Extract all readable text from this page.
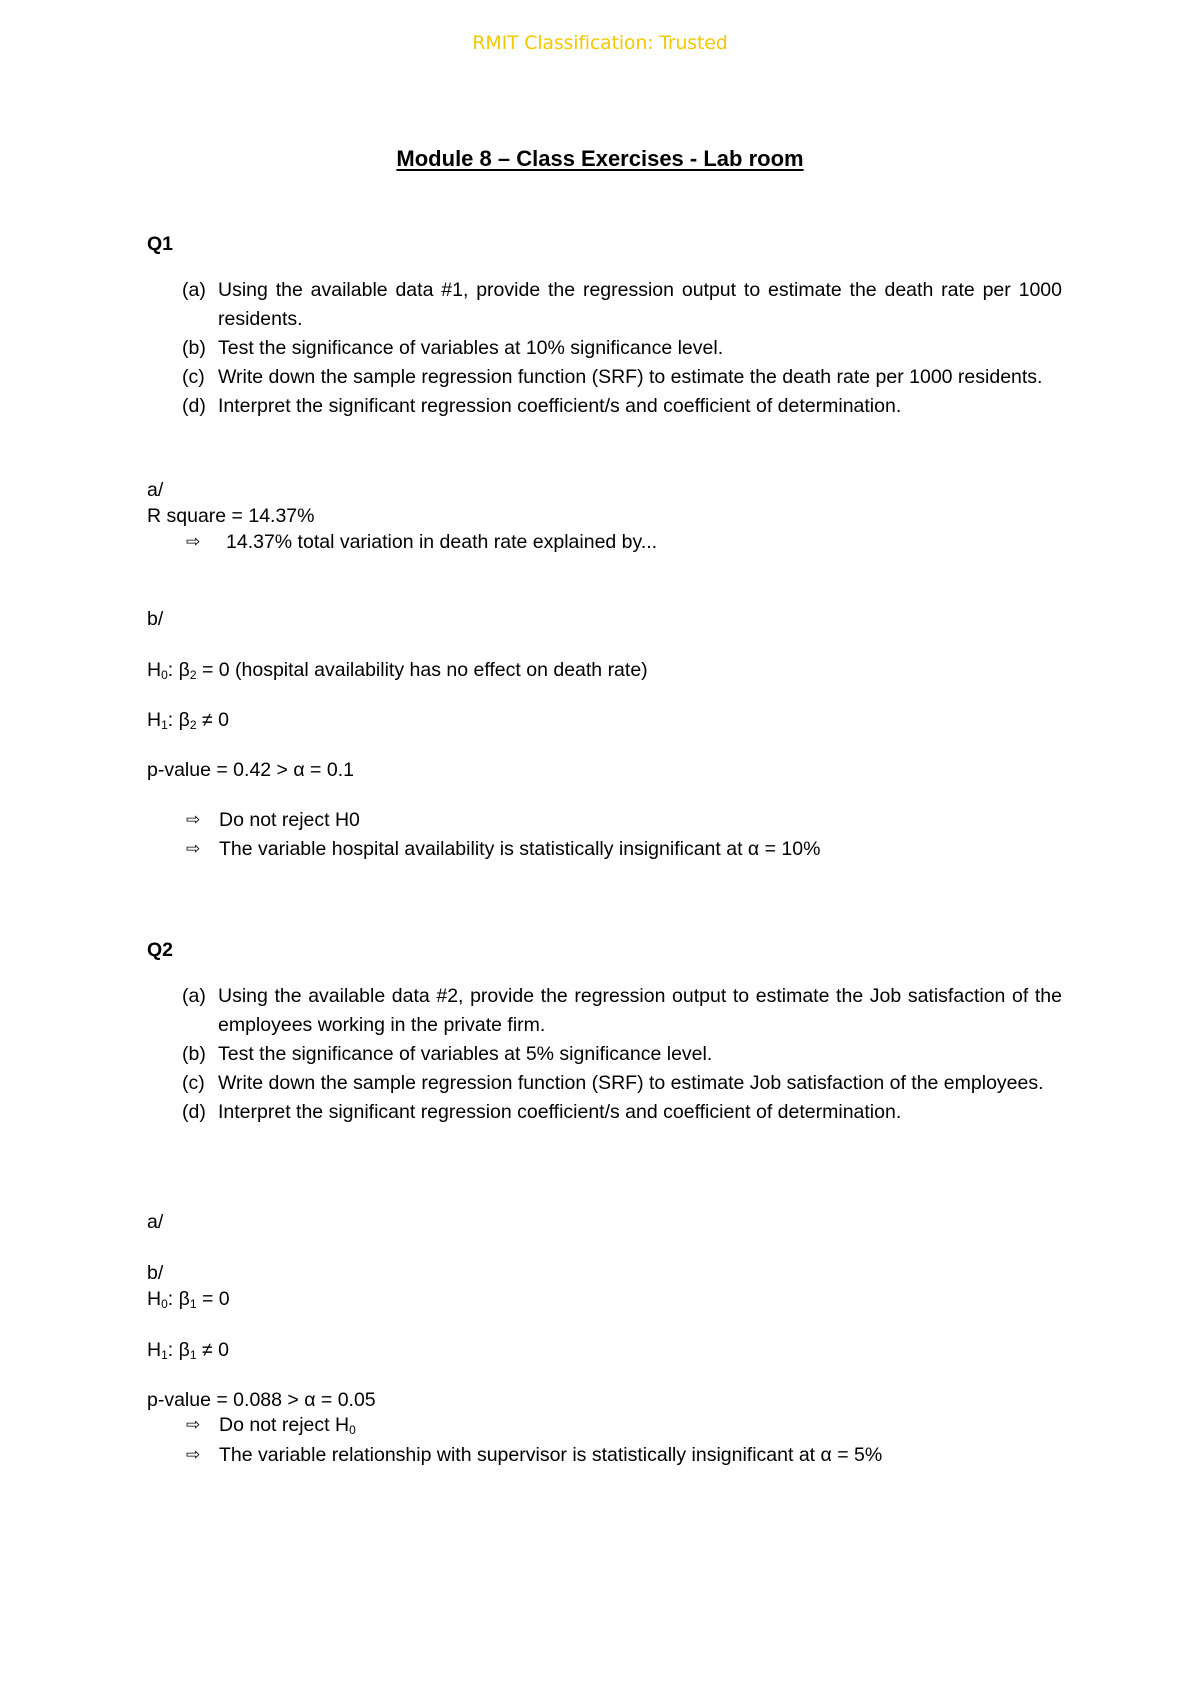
RMIT Classification: Trusted
Module 8 – Class Exercises - Lab room
Q1
(a) Using the available data #1, provide the regression output to estimate the death rate per 1000 residents.
(b) Test the significance of variables at 10% significance level.
(c) Write down the sample regression function (SRF) to estimate the death rate per 1000 residents.
(d) Interpret the significant regression coefficient/s and coefficient of determination.
a/
R square = 14.37%
⇨ 14.37% total variation in death rate explained by...
b/
$H_0$: $\beta_2 = 0$ (hospital availability has no effect on death rate)
$H_1$: $\beta_2 \ne 0$
p-value = 0.42 > α = 0.1
⇨ Do not reject H0
⇨ The variable hospital availability is statistically insignificant at α = 10%
Q2
(a) Using the available data #2, provide the regression output to estimate the Job satisfaction of the employees working in the private firm.
(b) Test the significance of variables at 5% significance level.
(c) Write down the sample regression function (SRF) to estimate Job satisfaction of the employees.
(d) Interpret the significant regression coefficient/s and coefficient of determination.
a/
b/
$H_0$: $\beta_1 = 0$
$H_1$: $\beta_1 \ne 0$
p-value = 0.088 > α = 0.05
⇨ Do not reject $H_0$
⇨ The variable relationship with supervisor is statistically insignificant at α = 5%
